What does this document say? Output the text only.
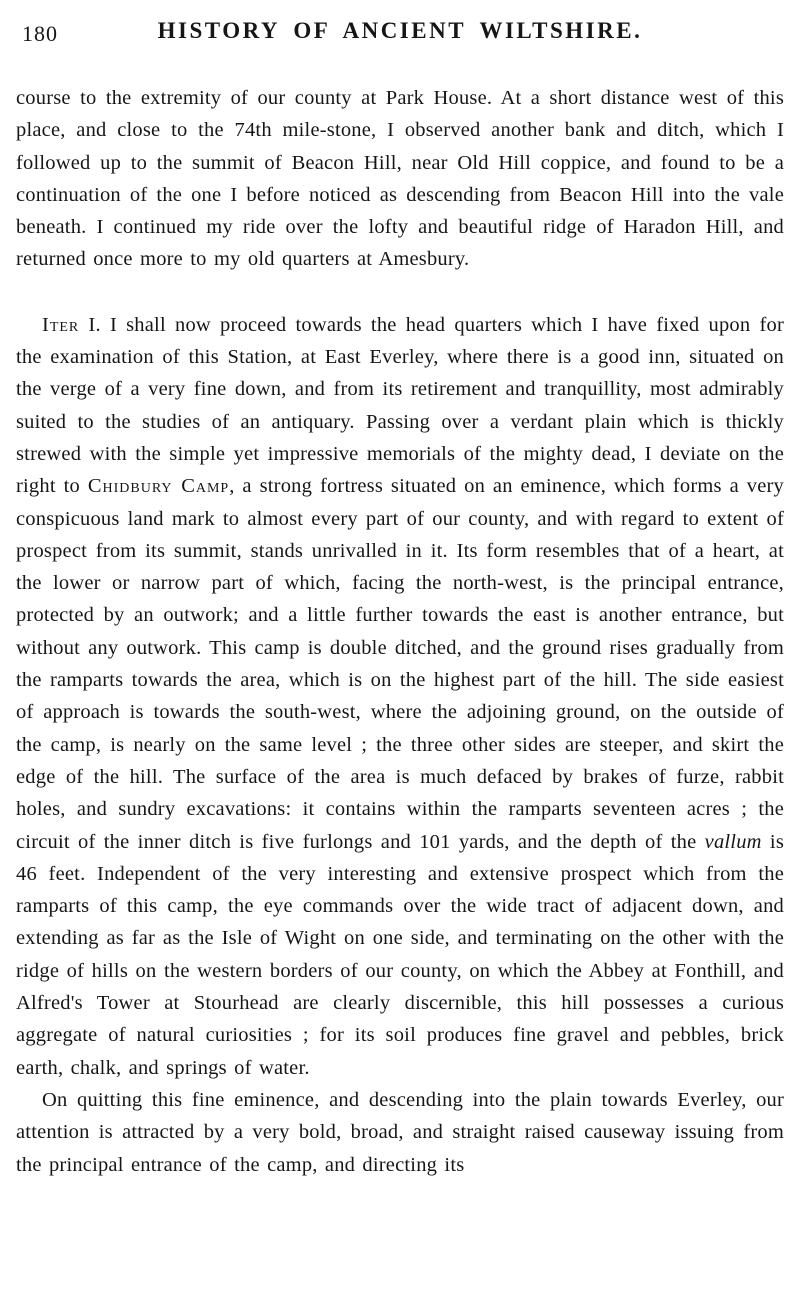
180	HISTORY OF ANCIENT WILTSHIRE.

course to the extremity of our county at Park House. At a short distance west of this place, and close to the 74th mile-stone, I observed another bank and ditch, which I followed up to the summit of Beacon Hill, near Old Hill coppice, and found to be a continuation of the one I before noticed as descending from Beacon Hill into the vale beneath. I continued my ride over the lofty and beautiful ridge of Haradon Hill, and returned once more to my old quarters at Amesbury.

Iter I. I shall now proceed towards the head quarters which I have fixed upon for the examination of this Station, at East Everley, where there is a good inn, situated on the verge of a very fine down, and from its retirement and tranquillity, most admirably suited to the studies of an antiquary. Passing over a verdant plain which is thickly strewed with the simple yet impressive memorials of the mighty dead, I deviate on the right to Chidbury Camp, a strong fortress situated on an eminence, which forms a very conspicuous land mark to almost every part of our county, and with regard to extent of prospect from its summit, stands unrivalled in it. Its form resembles that of a heart, at the lower or narrow part of which, facing the north-west, is the principal entrance, protected by an outwork; and a little further towards the east is another entrance, but without any outwork. This camp is double ditched, and the ground rises gradually from the ramparts towards the area, which is on the highest part of the hill. The side easiest of approach is towards the south-west, where the adjoining ground, on the outside of the camp, is nearly on the same level ; the three other sides are steeper, and skirt the edge of the hill. The surface of the area is much defaced by brakes of furze, rabbit holes, and sundry excavations: it contains within the ramparts seventeen acres ; the circuit of the inner ditch is five furlongs and 101 yards, and the depth of the vallum is 46 feet. Independent of the very interesting and extensive prospect which from the ramparts of this camp, the eye commands over the wide tract of adjacent down, and extending as far as the Isle of Wight on one side, and terminating on the other with the ridge of hills on the western borders of our county, on which the Abbey at Fonthill, and Alfred's Tower at Stourhead are clearly discernible, this hill possesses a curious aggregate of natural curiosities ; for its soil produces fine gravel and pebbles, brick earth, chalk, and springs of water.

On quitting this fine eminence, and descending into the plain towards Everley, our attention is attracted by a very bold, broad, and straight raised causeway issuing from the principal entrance of the camp, and directing its
